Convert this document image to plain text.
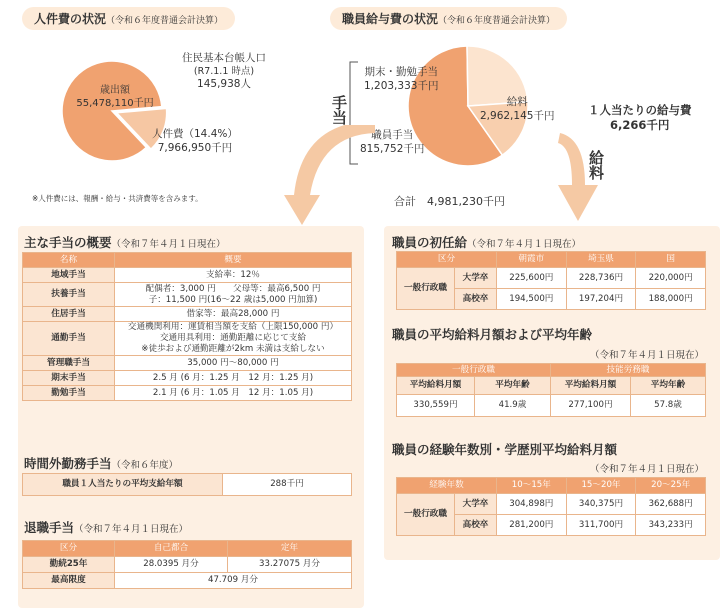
人件費の状況（令和６年度普通会計決算）
歳出額
55,478,110千円
人件費（14.4%）
7,966,950千円
住民基本台帳人口
(R7.1.1 時点)
145,938人
※人件費には、報酬・給与・共済費等を含みます。
職員給与費の状況（令和６年度普通会計決算）
手当
期末・勤勉手当
1,203,333千円
職員手当
815,752千円
給料
2,962,145千円
合計　 4,981,230千円
１人当たりの給与費
6,266千円
給料
主な手当の概要（令和７年４月１日現在）
名称	概要
地域手当	支給率：12％

扶養手当	配偶者：3,000 円　　父母等：最高6,500 円
子：11,500 円(16～22 歳は5,000 円加算)

住居手当	借家等：最高28,000 円

通勤手当	交通機関利用：運賃相当額を支給（上限150,000 円）
交通用具利用：通勤距離に応じて支給
※徒歩および通勤距離が2km 未満は支給しない

管理職手当	35,000 円～80,000 円

期末手当	2.5 月 (6 月：1.25 月　12 月：1.25 月)

勤勉手当	2.1 月 (6 月：1.05 月　12 月：1.05 月)
時間外勤務手当（令和６年度）
職員１人当たりの平均支給年額	288千円
退職手当（令和７年４月１日現在）
区分	自己都合	定年
勤続25年	28.0395 月分	33.27075 月分
最高限度	47.709 月分	
職員の初任給（令和７年４月１日現在）
区分		朝霞市	埼玉県	国
一般行政職	大学卒	225,600円	228,736円	220,000円
	高校卒	194,500円	197,204円	188,000円
職員の平均給料月額および平均年齢
（令和７年４月１日現在）
一般行政職		技能労務職	
平均給料月額	平均年齢	平均給料月額	平均年齢
330,559円	41.9歳	277,100円	57.8歳
職員の経験年数別・学歴別平均給料月額
（令和７年４月１日現在）
経験年数		10～15年	15～20年	20～25年
一般行政職	大学卒	304,898円	340,375円	362,688円
	高校卒	281,200円	311,700円	343,233円
